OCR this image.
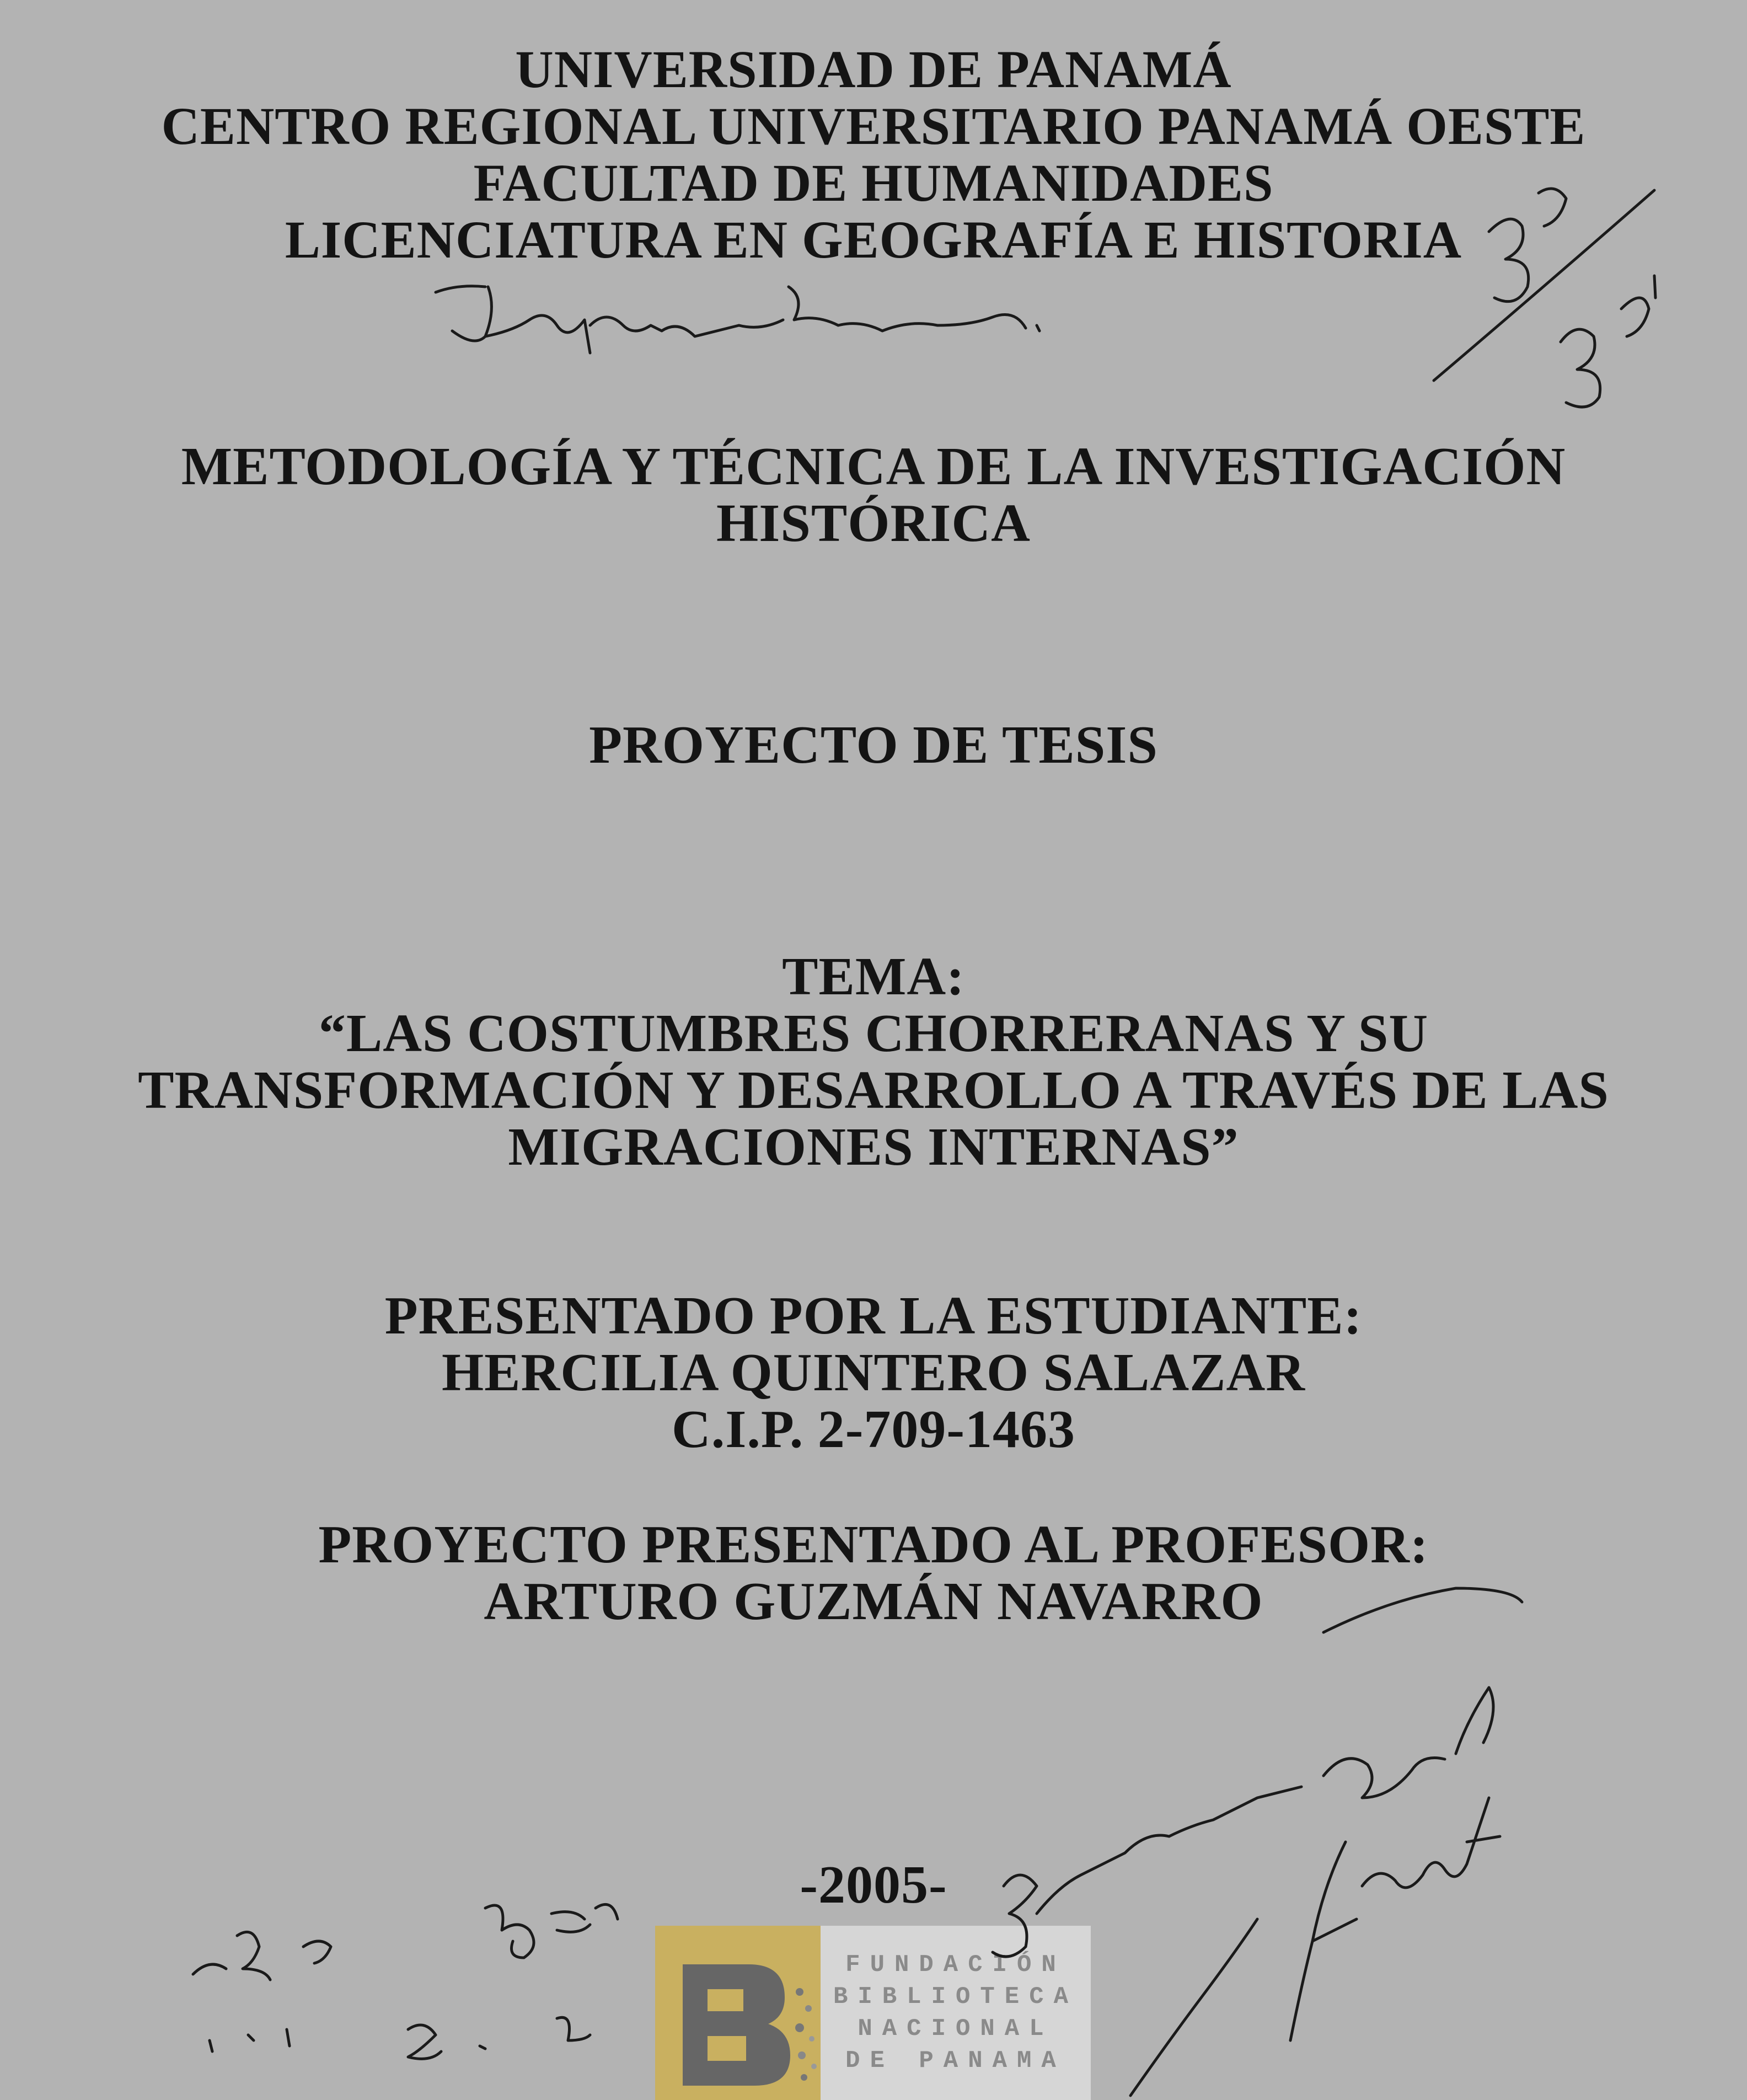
UNIVERSIDAD DE PANAMÁ
CENTRO REGIONAL UNIVERSITARIO PANAMÁ OESTE
FACULTAD DE HUMANIDADES
LICENCIATURA EN GEOGRAFÍA E HISTORIA
METODOLOGÍA Y TÉCNICA DE LA INVESTIGACIÓN
HISTÓRICA
PROYECTO DE TESIS
TEMA:
“LAS COSTUMBRES CHORRERANAS Y SU
TRANSFORMACIÓN Y DESARROLLO A TRAVÉS DE LAS
MIGRACIONES INTERNAS”
PRESENTADO POR LA ESTUDIANTE:
HERCILIA QUINTERO SALAZAR
C.I.P. 2-709-1463
PROYECTO PRESENTADO AL PROFESOR:
ARTURO GUZMÁN NAVARRO
-2005-
FUNDACIÓN
BIBLIOTECA
NACIONAL
DE PANAMA
